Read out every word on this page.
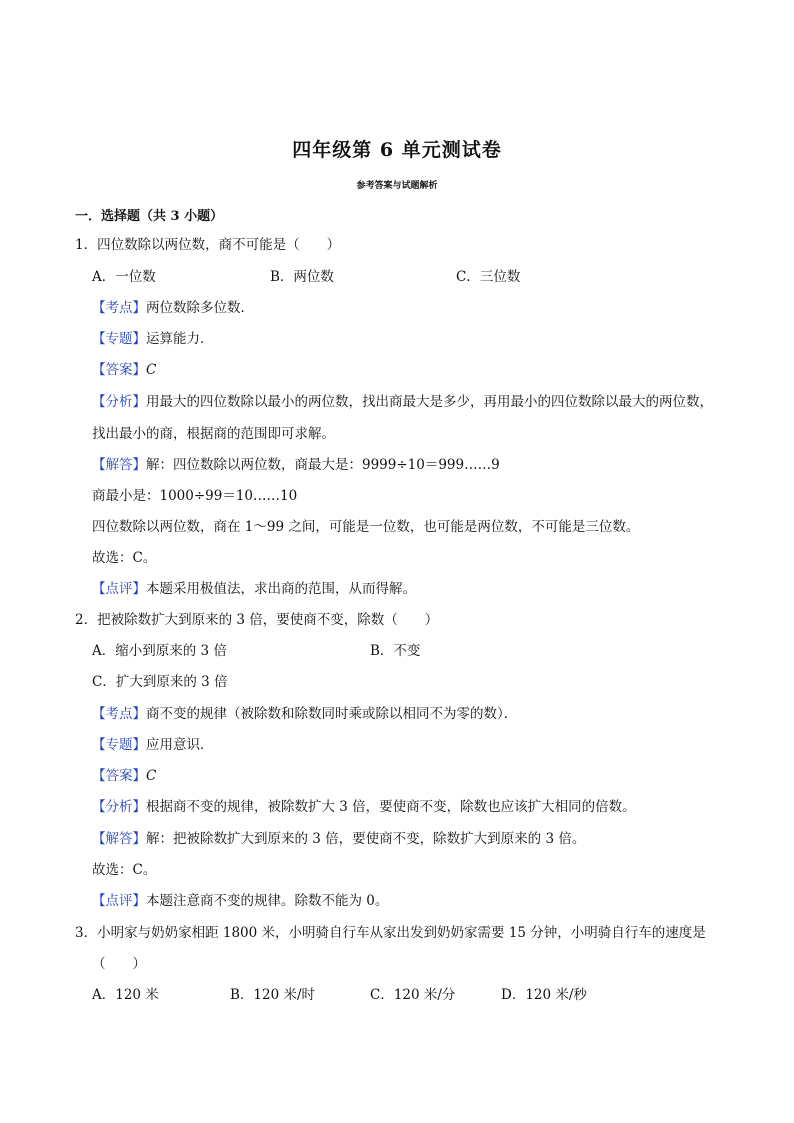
四年级第 6 单元测试卷
参考答案与试题解析
一．选择题（共 3 小题）
1．四位数除以两位数，商不可能是（　　）
A．一位数	B．两位数	C．三位数
【考点】两位数除多位数．
【专题】运算能力．
【答案】C
【分析】用最大的四位数除以最小的两位数，找出商最大是多少，再用最小的四位数除以最大的两位数，
找出最小的商，根据商的范围即可求解。
【解答】解：四位数除以两位数，商最大是：9999÷10＝999……9
商最小是：1000÷99＝10……10
四位数除以两位数，商在 1～99 之间，可能是一位数，也可能是两位数，不可能是三位数。
故选：C。
【点评】本题采用极值法，求出商的范围，从而得解。
2．把被除数扩大到原来的 3 倍，要使商不变，除数（　　）
A．缩小到原来的 3 倍	B．不变
C．扩大到原来的 3 倍
【考点】商不变的规律（被除数和除数同时乘或除以相同不为零的数）．
【专题】应用意识．
【答案】C
【分析】根据商不变的规律，被除数扩大 3 倍，要使商不变，除数也应该扩大相同的倍数。
【解答】解：把被除数扩大到原来的 3 倍，要使商不变，除数扩大到原来的 3 倍。
故选：C。
【点评】本题注意商不变的规律。除数不能为 0。
3．小明家与奶奶家相距 1800 米，小明骑自行车从家出发到奶奶家需要 15 分钟，小明骑自行车的速度是
（　　）
A．120 米	B．120 米/时	C．120 米/分	D．120 米/秒
